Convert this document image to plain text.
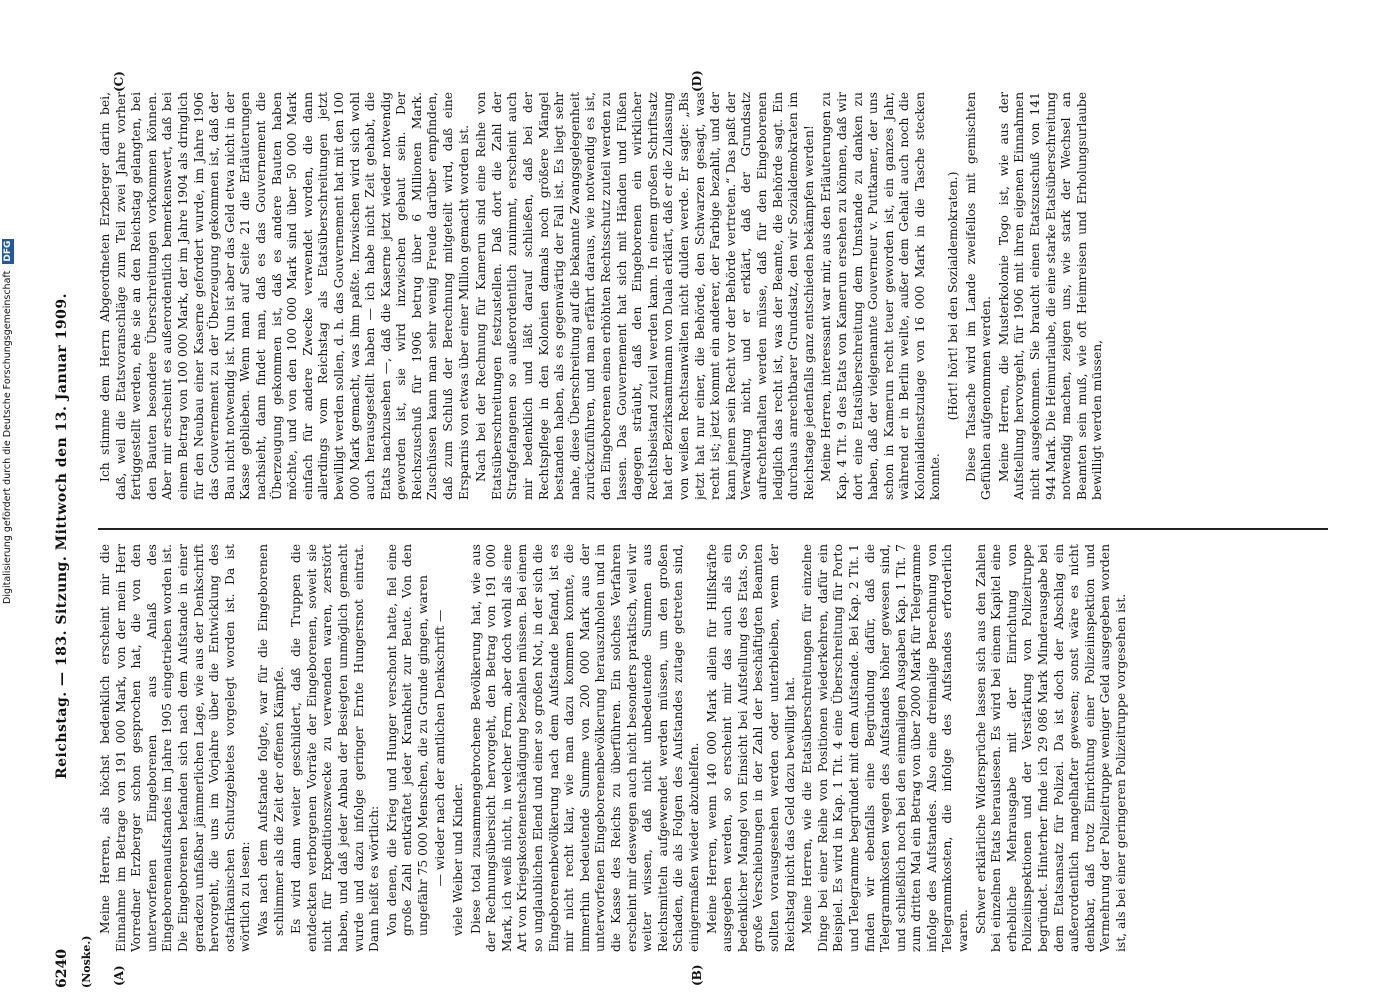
6240
Reichstag. — 183. Sitzung. Mittwoch den 13. Januar 1909.
(Noske.) (A)	(B)
(C)	(D)

Meine Herren, als höchst bedenklich erscheint mir die Einnahme im Betrage von 191 000 Mark, von der mein Herr Vorredner Erzberger schon gesprochen hat, die von den unterworfenen Eingeborenen aus Anlaß des Eingeborenenaufstandes im Jahre 1905 eingetrieben worden ist. Die Eingeborenen befanden sich nach dem Aufstande in einer geradezu unfaßbar jämmerlichen Lage, wie aus der Denkschrift hervorgeht, die uns im Vorjahre über die Entwicklung des ostafrikanischen Schutzgebietes vorgelegt worden ist. Da ist wörtlich zu lesen: Was nach dem Aufstande folgte, war für die Eingeborenen schlimmer als die Zeit der offenen Kämpfe. Es wird dann weiter geschildert, daß die Truppen die entdeckten verborgenen Vorräte der Eingeborenen, soweit sie nicht für Expeditionszwecke zu verwenden waren, zerstört haben, und daß jeder Anbau der Besiegten unmöglich gemacht wurde und dazu infolge geringer Ernte Hungersnot eintrat. Dann heißt es wörtlich: Von denen, die Krieg und Hunger verschont hatte, fiel eine große Zahl entkräftet jeder Krankheit zur Beute. Von den ungefähr 75 000 Menschen, die zu Grunde gingen, waren — wieder nach der amtlichen Denkschrift — viele Weiber und Kinder. Diese total zusammengebrochene Bevölkerung hat, wie aus der Rechnungsübersicht hervorgeht, den Betrag von 191 000 Mark, ich weiß nicht, in welcher Form, aber doch wohl als eine Art von Kriegskostenentschädigung bezahlen müssen. Bei einem so unglaublichen Elend und einer so großen Not, in der sich die Eingeborenenbevölkerung nach dem Aufstande befand, ist es mir nicht recht klar, wie man dazu kommen konnte, die immerhin bedeutende Summe von 200 000 Mark aus der unterworfenen Eingeborenenbevölkerung herauszuholen und in die Kasse des Reichs zu überführen. Ein solches Verfahren erscheint mir deswegen auch nicht besonders praktisch, weil wir weiter wissen, daß nicht unbedeutende Summen aus Reichsmitteln aufgewendet werden müssen, um den großen Schaden, die als Folgen des Aufstandes zutage getreten sind, einigermaßen wieder abzuhelfen. Meine Herren, wenn 140 000 Mark allein für Hilfskräfte ausgegeben werden, so erscheint mir das auch als ein bedenklicher Mangel von Einsicht bei Aufstellung des Etats. So große Verschiebungen in der Zahl der beschäftigten Beamten sollten vorausgesehen werden oder unterbleiben, wenn der Reichstag nicht das Geld dazu bewilligt hat. Meine Herren, wie die Etatsüberschreitungen für einzelne Dinge bei einer Reihe von Positionen wiederkehren, dafür ein Beispiel. Es wird in Kap. 1 Tit. 4 eine Überschreitung für Porto und Telegramme begründet mit dem Aufstande. Bei Kap. 2 Tit. 1 finden wir ebenfalls eine Begründung dafür, daß die Telegrammkosten wegen des Aufstandes höher gewesen sind, und schließlich noch bei den einmaligen Ausgaben Kap. 1 Tit. 7 zum dritten Mal ein Betrag von über 2000 Mark für Telegramme infolge des Aufstandes. Also eine dreimalige Berechnung von Telegrammkosten, die infolge des Aufstandes erforderlich waren. Schwer erklärliche Widersprüche lassen sich aus den Zahlen bei einzelnen Etats herauslesen. Es wird bei einem Kapitel eine erhebliche Mehrausgabe mit der Einrichtung von Polizeiinspektionen und der Verstärkung von Polizeitruppe begründet. Hinterher finde ich 29 086 Mark Minderausgabe bei dem Etatsansatz für Polizei. Da ist doch der Abschlag ein außerordentlich mangelhafter gewesen; sonst wäre es nicht denkbar, daß trotz Einrichtung einer Polizeiinspektion und Vermehrung der Polizeitruppe weniger Geld ausgegeben worden ist, als bei einer geringeren Polizeitruppe vorgesehen ist.

Ich stimme dem Herrn Abgeordneten Erzberger darin bei, daß, weil die Etatsvoranschläge zum Teil zwei Jahre vorher fertiggestellt werden, ehe sie an den Reichstag gelangten, bei den Bauten besondere Überschreitungen vorkommen können. Aber mir erscheint es außerordentlich bemerkenswert, daß bei einem Betrag von 100 000 Mark, der im Jahre 1904 als dringlich für den Neubau einer Kaserne gefordert wurde, im Jahre 1906 das Gouvernement zu der Überzeugung gekommen ist, daß der Bau nicht notwendig ist. Nun ist aber das Geld etwa nicht in der Kasse geblieben. Wenn man auf Seite 21 die Erläuterungen nachsieht, dann findet man, daß es das Gouvernement die Überzeugung gekommen ist, daß es andere Bauten haben möchte, und von den 100 000 Mark sind über 50 000 Mark einfach für andere Zwecke verwendet worden, die dann allerdings vom Reichstag als Etatsüberschreitungen jetzt bewilligt werden sollen, d. h. das Gouvernement hat mit den 100 000 Mark gemacht, was ihm paßte. Inzwischen wird sich wohl auch herausgestellt haben — ich habe nicht Zeit gehabt, die Etats nachzusehen —, daß die Kaserne jetzt wieder notwendig geworden ist, sie wird inzwischen gebaut sein. Der Reichszuschuß für 1906 betrug über 6 Millionen Mark. Zuschüssen kann man sehr wenig Freude darüber empfinden, daß zum Schluß der Berechnung mitgeteilt wird, daß eine Ersparnis von etwas über einer Million gemacht worden ist. Nach bei der Rechnung für Kamerun sind eine Reihe von Etatsüberschreitungen festzustellen. Daß dort die Zahl der Strafgefangenen so außerordentlich zunimmt, erscheint auch mir bedenklich und läßt darauf schließen, daß bei der Rechtspflege in den Kolonien damals noch größere Mängel bestanden haben, als es gegenwärtig der Fall ist. Es liegt sehr nahe, diese Überschreitung auf die bekannte Zwangsgelegenheit zurückzuführen, und man erfährt daraus, wie notwendig es ist, den Eingeborenen einen erhöhten Rechtsschutz zuteil werden zu lassen. Das Gouvernement hat sich mit Händen und Füßen dagegen sträubt, daß den Eingeborenen ein wirklicher Rechtsbeistand zuteil werden kann. In einem großen Schriftsatz hat der Bezirksamtmann von Duala erklärt, daß er die Zulassung von weißen Rechtsanwälten nicht dulden werde. Er sagte: „Bis jetzt hat nur einer, die Behörde, den Schwarzen gesagt, was recht ist; jetzt kommt ein anderer, der Farbige bezahlt, und der kann jenem sein Recht vor der Behörde vertreten.“ Das paßt der Verwaltung nicht, und er erklärt, daß der Grundsatz aufrechterhalten werden müsse, daß für den Eingeborenen lediglich das recht ist, was der Beamte, die Behörde sagt. Ein durchaus anrechtbarer Grundsatz, den wir Sozialdemokraten im Reichstage jedenfalls ganz entschieden bekämpfen werden! Meine Herren, interessant war mir, aus den Erläuterungen zu Kap. 4 Tit. 9 des Etats von Kamerun ersehen zu können, daß wir dort eine Etatsüberschreitung dem Umstande zu danken zu haben, daß der vielgenannte Gouverneur v. Puttkamer, der uns schon in Kamerun recht teuer geworden ist, ein ganzes Jahr, während er in Berlin weilte, außer dem Gehalt auch noch die Kolonialdienstzulage von 16 000 Mark in die Tasche stecken konnte.

(Hört! hört! bei den Sozialdemokraten.) Diese Tatsache wird im Lande zweifellos mit gemischten Gefühlen aufgenommen werden. Meine Herren, die Musterkolonie Togo ist, wie aus der Aufstellung hervorgeht, für 1906 mit ihren eigenen Einnahmen nicht ausgekommen. Sie braucht einen Etatszuschuß von 141 944 Mark. Die Heimurlaube, die eine starke Etatsüberschreitung notwendig machen, zeigen uns, wie stark der Wechsel an Beamten sein muß, wie oft Heimreisen und Erholungsurlaube bewilligt werden müssen,

Digitalisierung gefördert durch die Deutsche Forschungsgemeinschaft DFG
